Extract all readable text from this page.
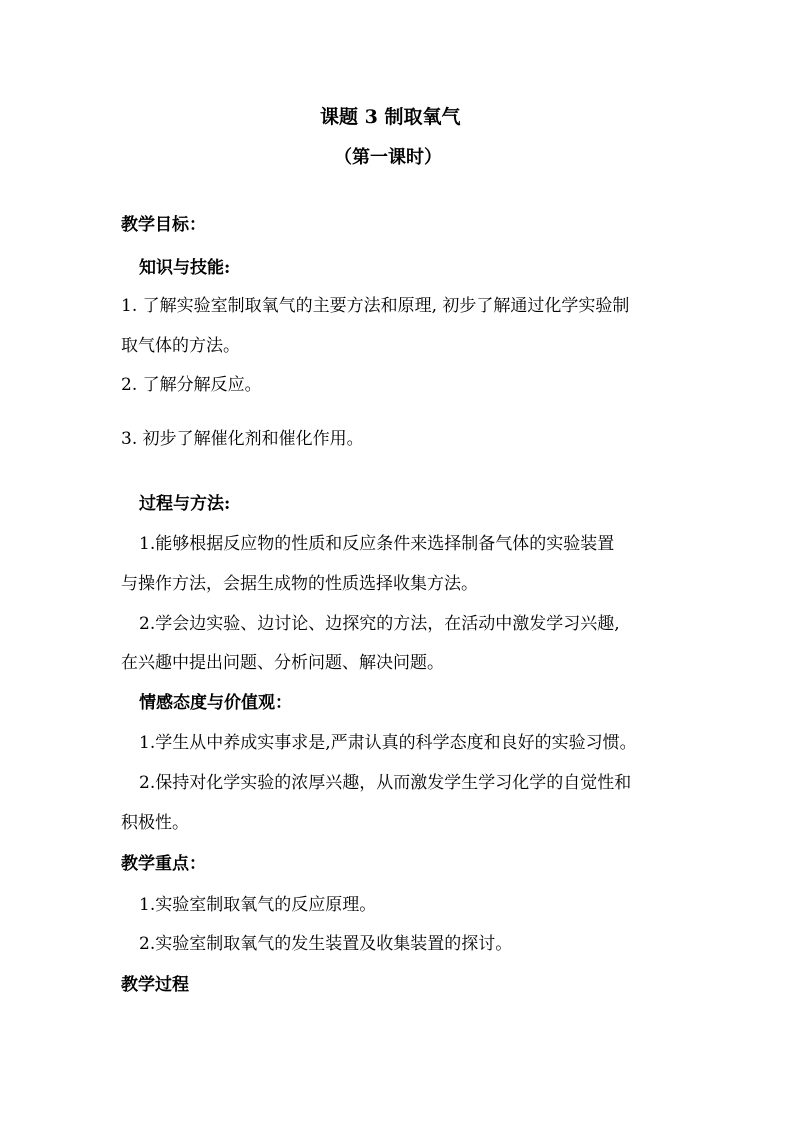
课题 3 制取氧气
（第一课时）
教学目标：
知识与技能:
1. 了解实验室制取氧气的主要方法和原理, 初步了解通过化学实验制
取气体的方法。
2. 了解分解反应。
3. 初步了解催化剂和催化作用。
过程与方法:
1.能够根据反应物的性质和反应条件来选择制备气体的实验装置
与操作方法，会据生成物的性质选择收集方法。
2.学会边实验、边讨论、边探究的方法，在活动中激发学习兴趣,
在兴趣中提出问题、分析问题、解决问题。
情感态度与价值观：
1.学生从中养成实事求是,严肃认真的科学态度和良好的实验习惯。
2.保持对化学实验的浓厚兴趣，从而激发学生学习化学的自觉性和
积极性。
教学重点：
1.实验室制取氧气的反应原理。
2.实验室制取氧气的发生装置及收集装置的探讨。
教学过程
